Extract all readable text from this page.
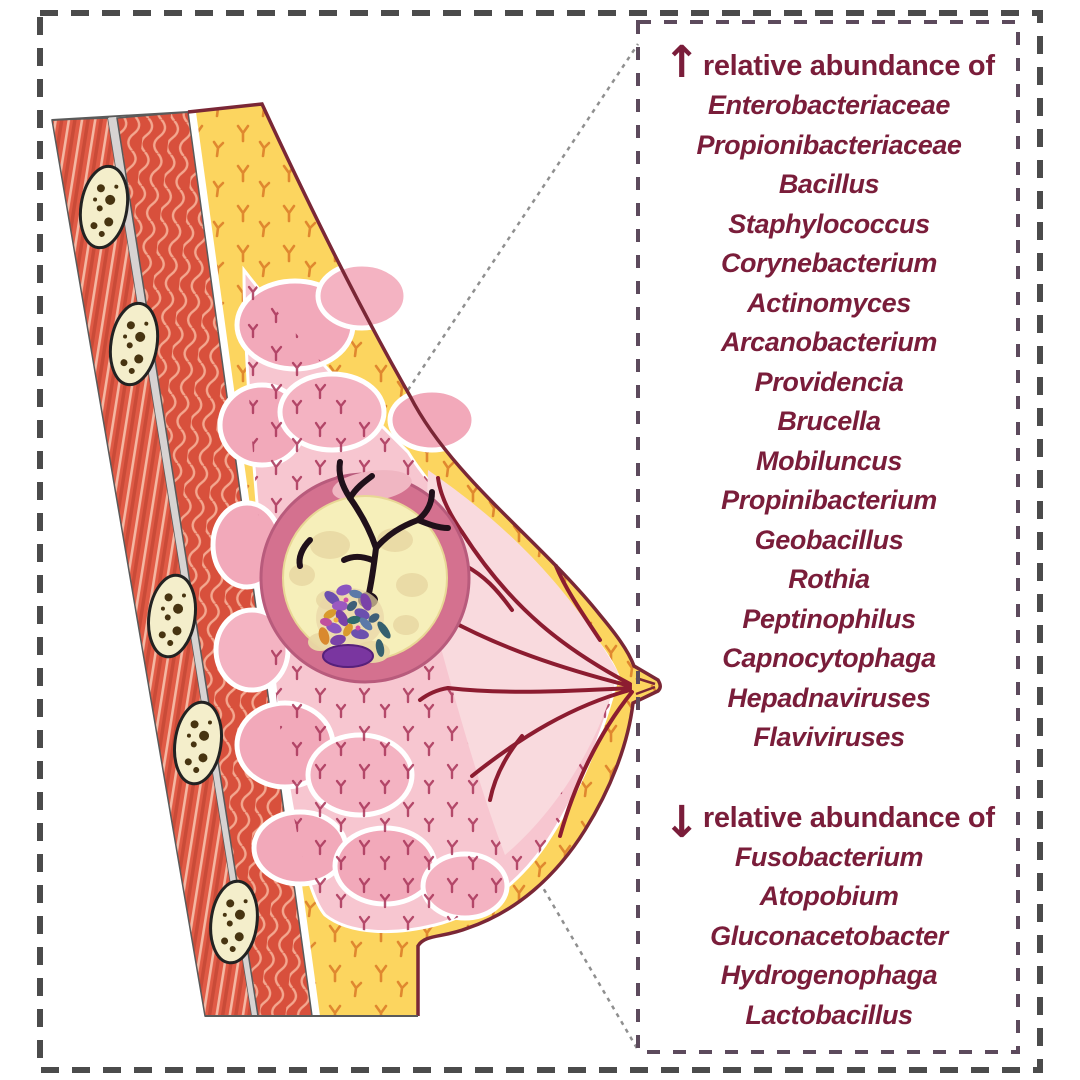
↑ relative abundance of
Enterobacteriaceae
Propionibacteriaceae
Bacillus
Staphylococcus
Corynebacterium
Actinomyces
Arcanobacterium
Providencia
Brucella
Mobiluncus
Propinibacterium
Geobacillus
Rothia
Peptinophilus
Capnocytophaga
Hepadnaviruses
Flaviviruses
↓ relative abundance of
Fusobacterium
Atopobium
Gluconacetobacter
Hydrogenophaga
Lactobacillus
